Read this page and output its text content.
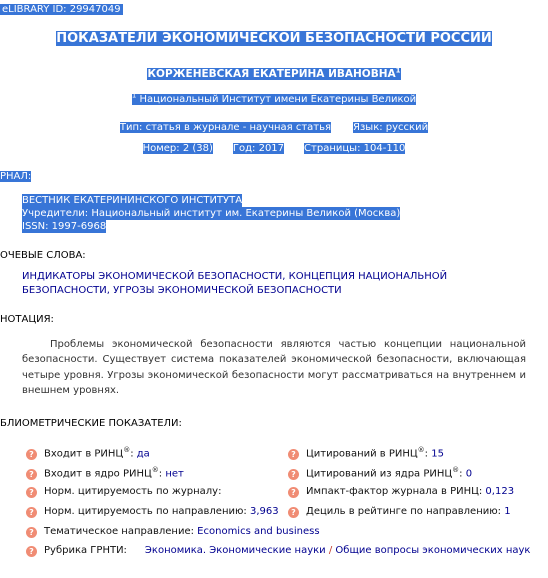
eLIBRARY ID: 29947049
ПОКАЗАТЕЛИ ЭКОНОМИЧЕСКОЙ БЕЗОПАСНОСТИ РОССИИ
КОРЖЕНЕВСКАЯ ЕКАТЕРИНА ИВАНОВНА$^1$
$^1$ Национальный Институт имени Екатерины Великой
Тип: статья в журнале - научная статья Язык: русский
Номер: 2 (38) Год: 2017 Страницы: 104-110
РНАЛ:
ВЕСТНИК ЕКАТЕРИНИНСКОГО ИНСТИТУТА
Учредители: Национальный институт им. Екатерины Великой (Москва)
ISSN: 1997-6968
ОЧЕВЫЕ СЛОВА:
ИНДИКАТОРЫ ЭКОНОМИЧЕСКОЙ БЕЗОПАСНОСТИ, КОНЦЕПЦИЯ НАЦИОНАЛЬНОЙ БЕЗОПАСНОСТИ, УГРОЗЫ ЭКОНОМИЧЕСКОЙ БЕЗОПАСНОСТИ
НОТАЦИЯ:

Проблемы экономической безопасности являются частью концепции национальной безопасности. Существует система показателей экономической безопасности, включающая четыре уровня. Угрозы экономической безопасности могут рассматриваться на внутреннем и внешнем уровнях.

БЛИОМЕТРИЧЕСКИЕ ПОКАЗАТЕЛИ:
? Входит в РИНЦ®: да
? Входит в ядро РИНЦ®: нет
? Норм. цитируемость по журналу:
? Норм. цитируемость по направлению: 3,963
? Цитирований в РИНЦ®: 15
? Цитирований из ядра РИНЦ®: 0
? Импакт-фактор журнала в РИНЦ: 0,123
? Дециль в рейтинге по направлению: 1
? Тематическое направление: Economics and business
? Рубрика ГРНТИ: Экономика. Экономические науки / Общие вопросы экономических наук
